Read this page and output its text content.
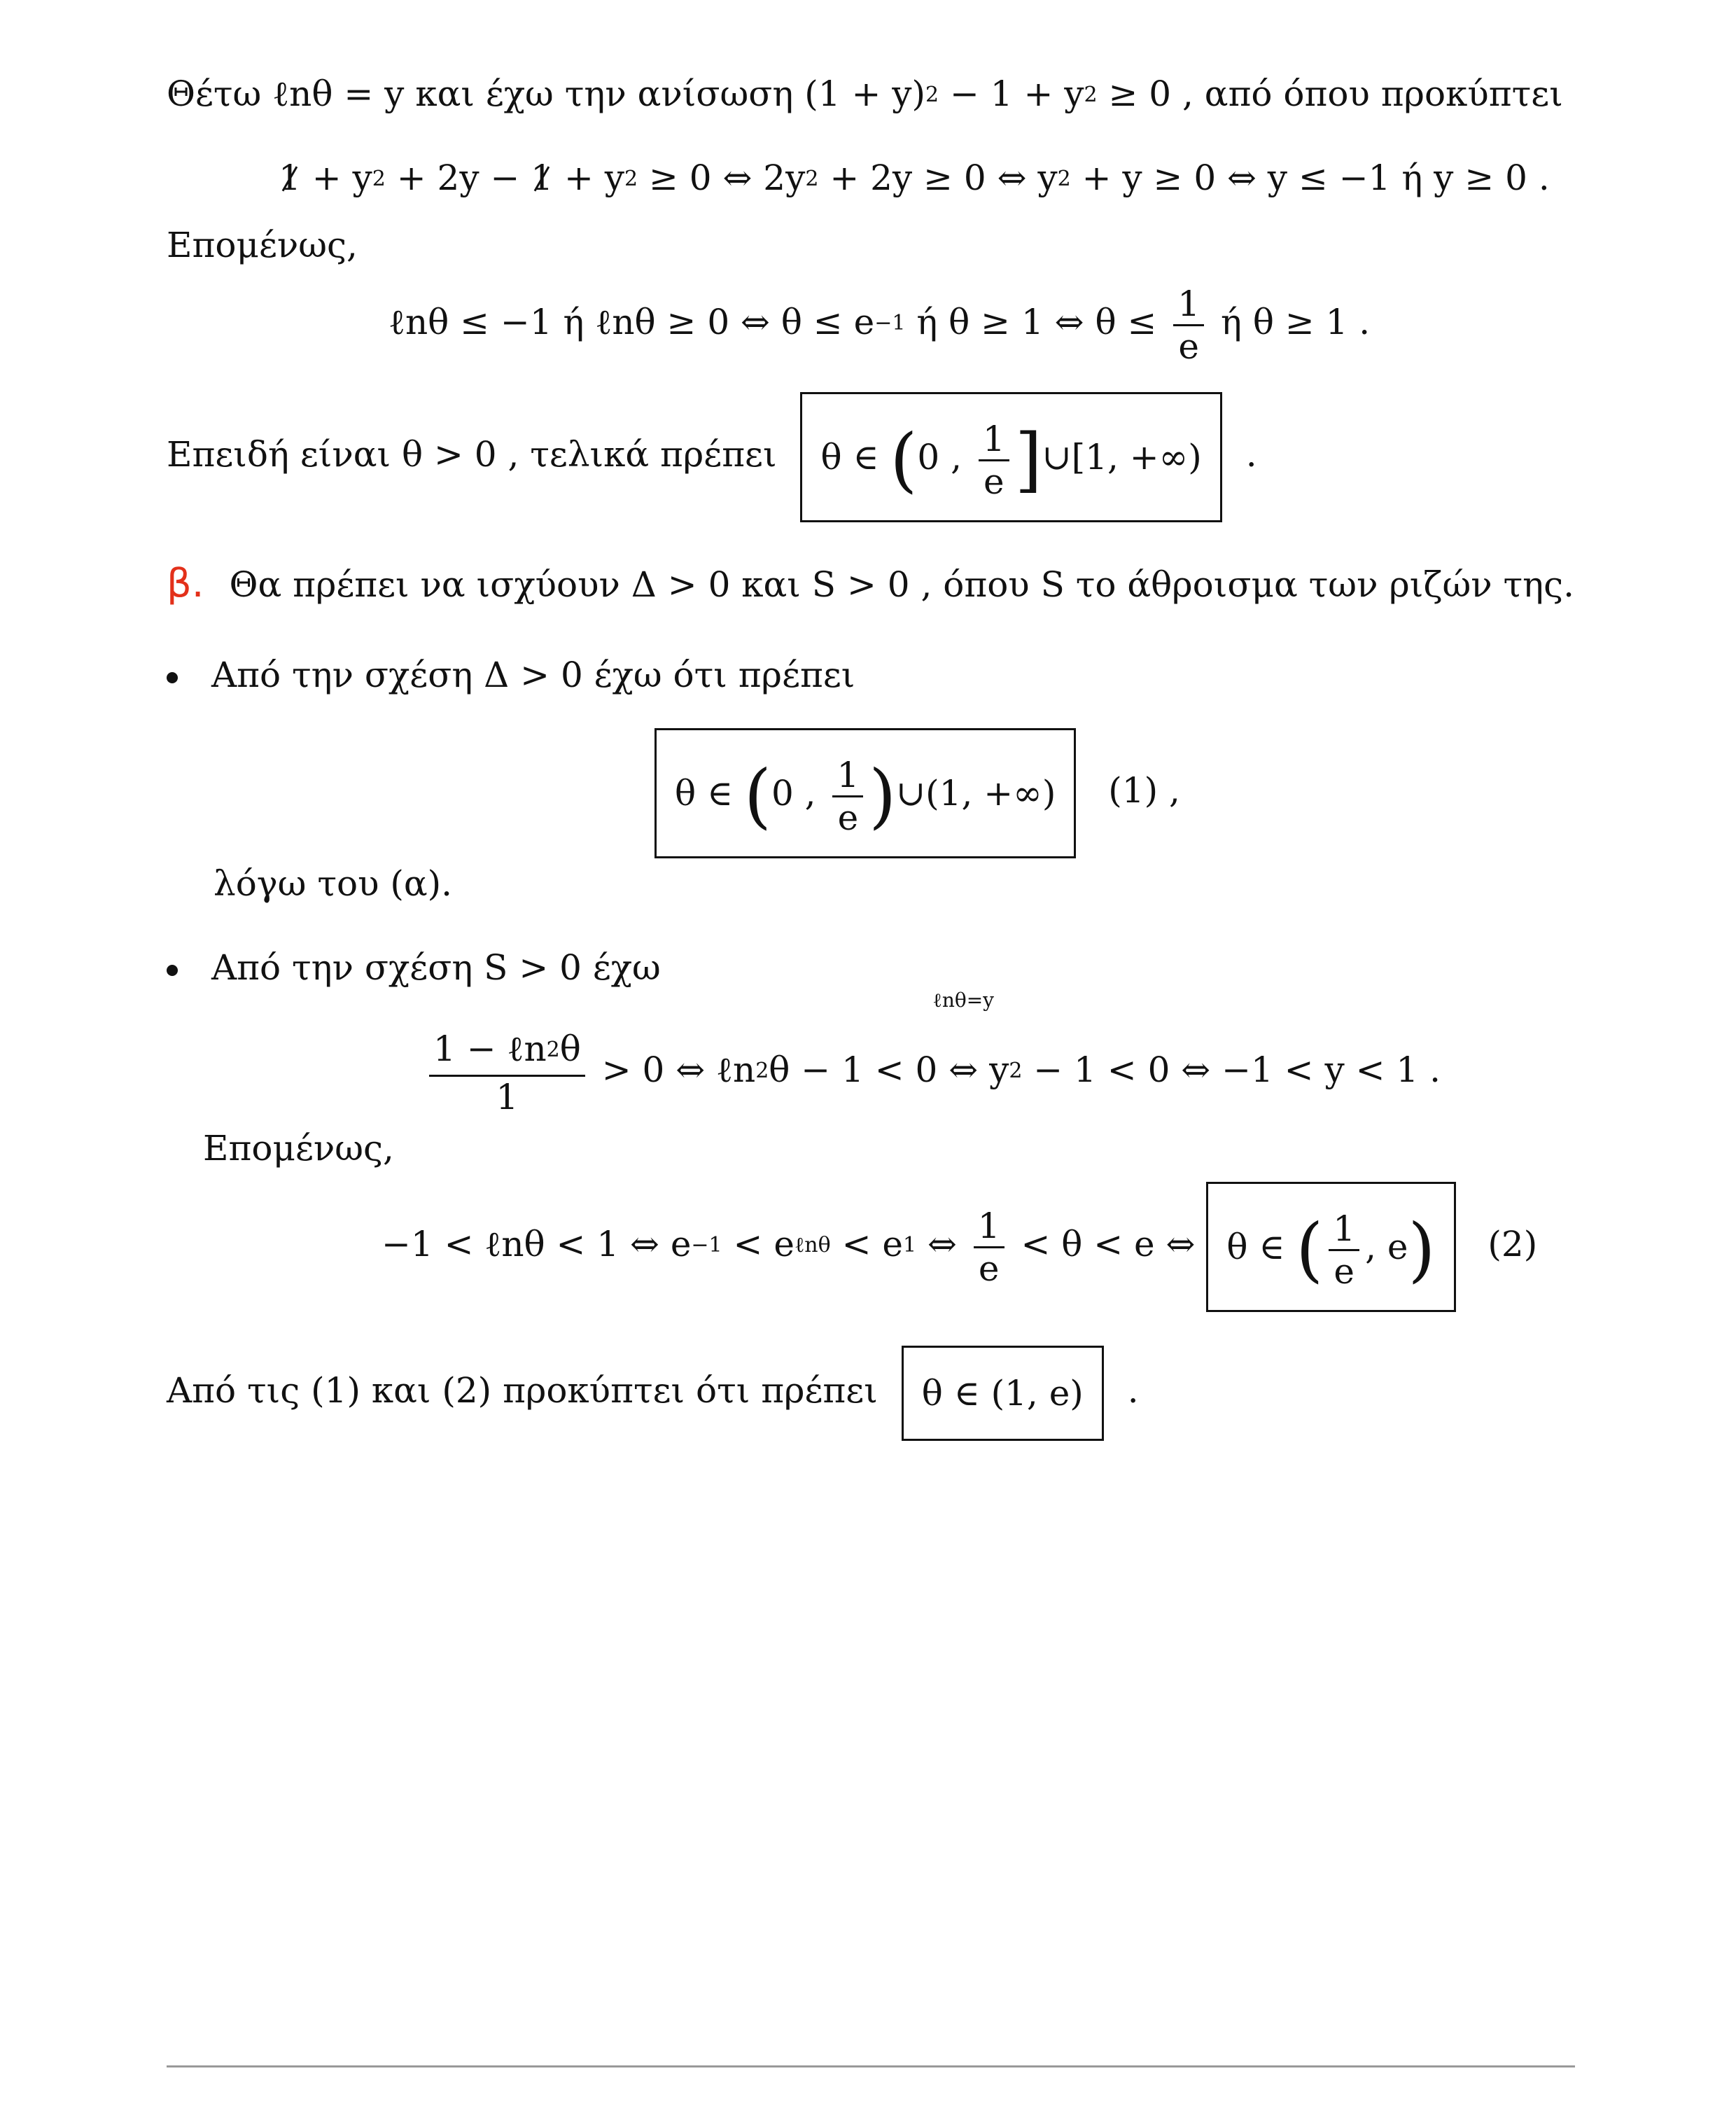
Θέτω ℓnθ = y και έχω την ανίσωση $(1 + y)^2 - 1 + y^2 \ge 0$ , από όπου προκύπτει
$1 + y^2 + 2y - 1 + y^2 \ge 0$ ⇔ $2y^2 + 2y \ge 0$ ⇔ $y^2 + y \ge 0$ ⇔ y ≤ −1 ή y ≥ 0 .
Επομένως,
ℓnθ ≤ −1 ή ℓnθ ≥ 0 ⇔ $\theta \le e^{-1}$ ή θ ≥ 1 ⇔ $\theta \le \frac{1}{e}$ ή θ ≥ 1 .
Επειδή είναι θ > 0 , τελικά πρέπει θ ∈ (0 , $\frac{1}{e}$ ]∪[1, +∞) .
β. Θα πρέπει να ισχύουν Δ > 0 και S > 0 , όπου S το άθροισμα των ριζών της.
Από την σχέση Δ > 0 έχω ότι πρέπει
θ ∈ (0 , $\frac{1}{e}$ )∪(1, +∞) (1) ,
λόγω του (α).
Από την σχέση S > 0 έχω
$\frac{1 - \ell n^2\theta}{1} > 0$ ⇔ ℓn$^2$θ − 1 < 0
ℓnθ=y
⇔ $y^2 - 1 < 0$ ⇔ −1 < y < 1 .
Επομένως,
−1 < ℓnθ < 1 ⇔ $e^{-1} < e^{\ell n\theta} < e^1$ ⇔ $\frac{1}{e} < \theta < e$ ⇔ θ ∈ ( $\frac{1}{e}$ , e) (2)
Από τις (1) και (2) προκύπτει ότι πρέπει θ ∈ (1, e) .
